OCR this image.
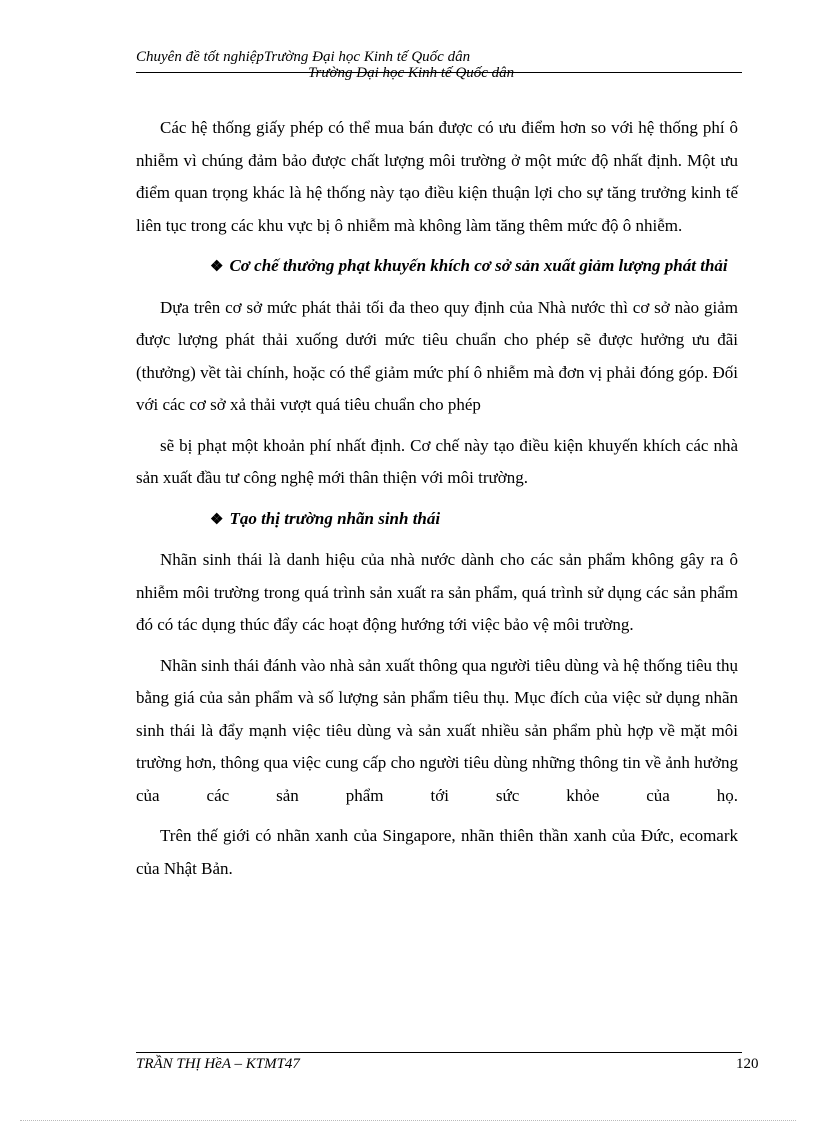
Chuyên đề tốt nghiệpTrường Đại học Kinh tế Quốc dân
Trường Đại học Kinh tế Quốc dân

Các hệ thống giấy phép có thể mua bán được có ưu điểm hơn so với hệ thống phí ô nhiễm vì chúng đảm bảo được chất lượng môi trường ở một mức độ nhất định. Một ưu điểm quan trọng khác là hệ thống này tạo điều kiện thuận lợi cho sự tăng trưởng kinh tế liên tục trong các khu vực bị ô nhiễm mà không làm tăng thêm mức độ ô nhiễm.

❖ Cơ chế thưởng phạt khuyến khích cơ sở sản xuất giảm lượng phát thải

Dựa trên cơ sở mức phát thải tối đa theo quy định của Nhà nước thì cơ sở nào giảm được lượng phát thải xuống dưới mức tiêu chuẩn cho phép sẽ được hưởng ưu đãi (thưởng) vềt tài chính, hoặc có thể giảm mức phí ô nhiễm mà đơn vị phải đóng góp. Đối với các cơ sở xả thải vượt quá tiêu chuẩn cho phép

sẽ bị phạt một khoản phí nhất định. Cơ chế này tạo điều kiện khuyến khích các nhà sản xuất đầu tư công nghệ mới thân thiện với môi trường.

❖ Tạo thị trường nhãn sinh thái

Nhãn sinh thái là danh hiệu của nhà nước dành cho các sản phẩm không gây ra ô nhiễm môi trường trong quá trình sản xuất ra sản phẩm, quá trình sử dụng các sản phẩm đó có tác dụng thúc đẩy các hoạt động hướng tới việc bảo vệ môi trường.

Nhãn sinh thái đánh vào nhà sản xuất thông qua người tiêu dùng và hệ thống tiêu thụ bằng giá của sản phẩm và số lượng sản phẩm tiêu thụ. Mục đích của việc sử dụng nhãn sinh thái là đẩy mạnh việc tiêu dùng và sản xuất nhiều sản phẩm phù hợp về mặt môi trường hơn, thông qua việc cung cấp cho người tiêu dùng những thông tin về ảnh hưởng của các sản phẩm tới sức khỏe của	họ.

Trên thế giới có nhãn xanh của Singapore, nhãn thiên thần xanh của Đức, ecomark của Nhật Bản.

TRẦN THỊ HềA – KTMT47	120
